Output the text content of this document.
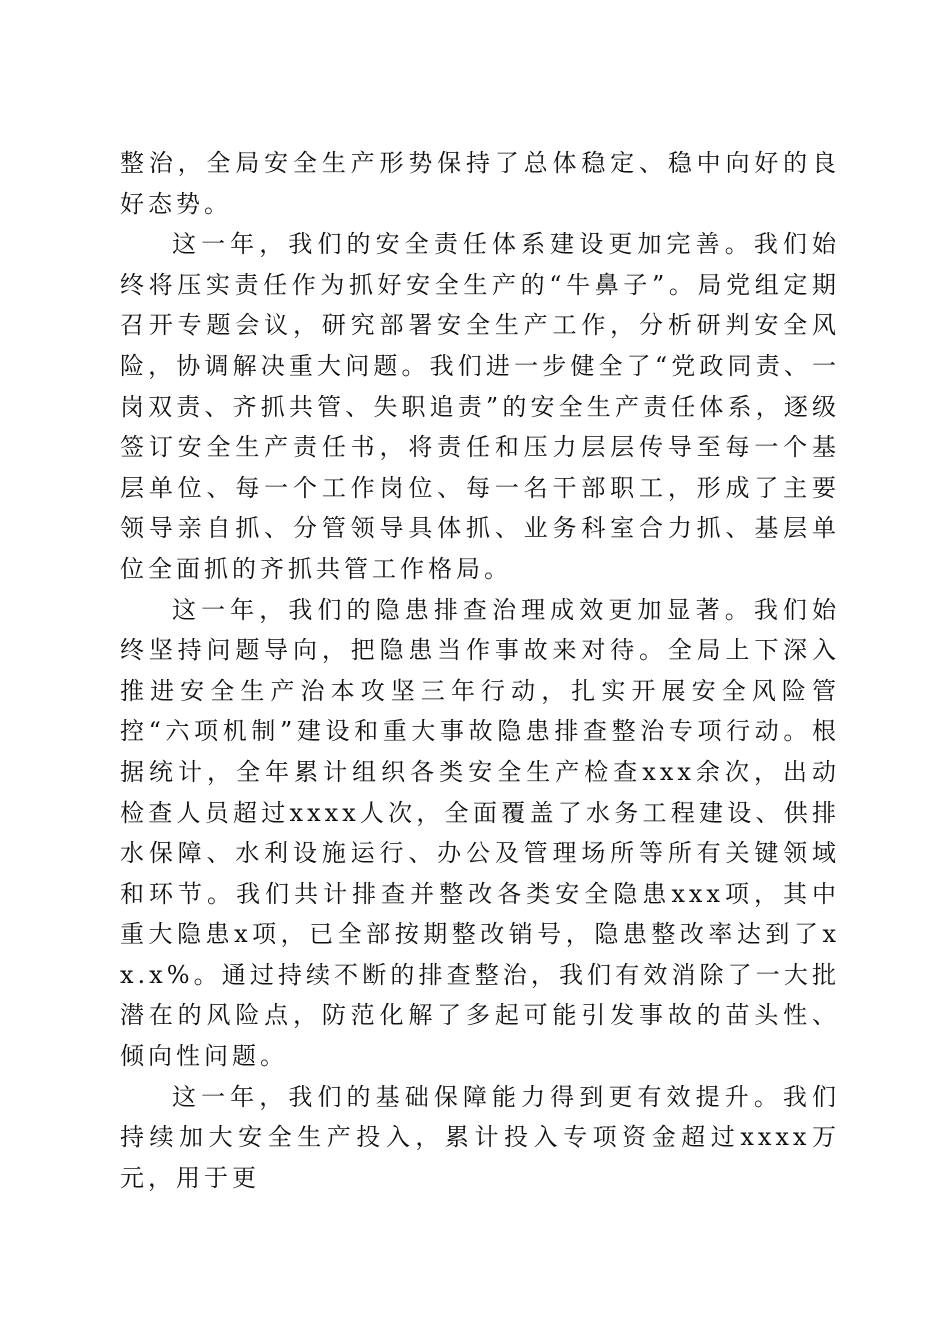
整治，全局安全生产形势保持了总体稳定、稳中向好的良好态势。

这一年，我们的安全责任体系建设更加完善。我们始终将压实责任作为抓好安全生产的“牛鼻子”。局党组定期召开专题会议，研究部署安全生产工作，分析研判安全风险，协调解决重大问题。我们进一步健全了“党政同责、一岗双责、齐抓共管、失职追责”的安全生产责任体系，逐级签订安全生产责任书，将责任和压力层层传导至每一个基层单位、每一个工作岗位、每一名干部职工，形成了主要领导亲自抓、分管领导具体抓、业务科室合力抓、基层单位全面抓的齐抓共管工作格局。

这一年，我们的隐患排查治理成效更加显著。我们始终坚持问题导向，把隐患当作事故来对待。全局上下深入推进安全生产治本攻坚三年行动，扎实开展安全风险管控“六项机制”建设和重大事故隐患排查整治专项行动。根据统计，全年累计组织各类安全生产检查xxx余次，出动检查人员超过xxxx人次，全面覆盖了水务工程建设、供排水保障、水利设施运行、办公及管理场所等所有关键领域和环节。我们共计排查并整改各类安全隐患xxx项，其中重大隐患x项，已全部按期整改销号，隐患整改率达到了xx.x%。通过持续不断的排查整治，我们有效消除了一大批潜在的风险点，防范化解了多起可能引发事故的苗头性、倾向性问题。

这一年，我们的基础保障能力得到更有效提升。我们持续加大安全生产投入，累计投入专项资金超过xxxx万元，用于更
